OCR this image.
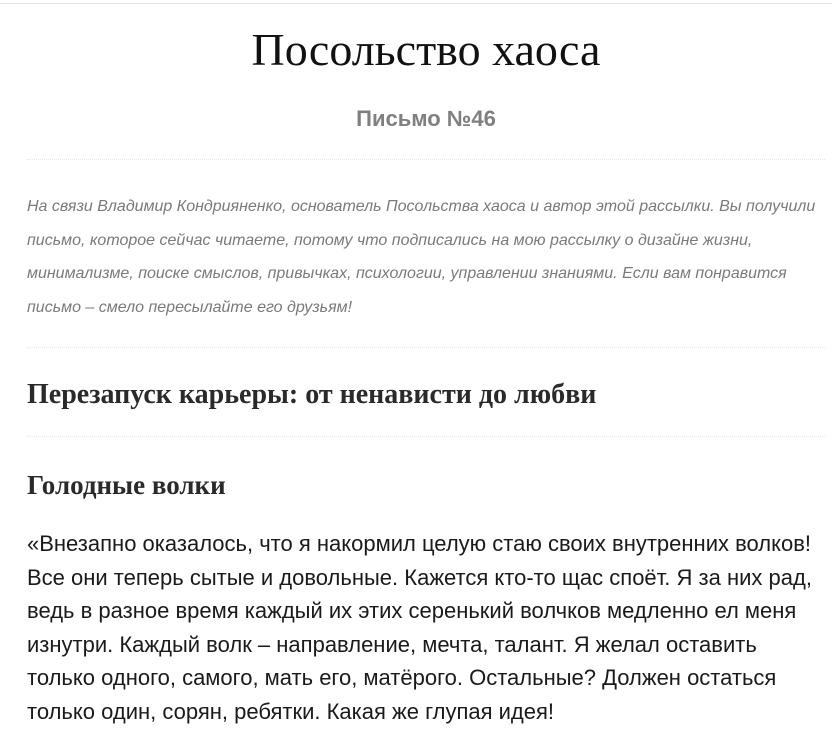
Посольство хаоса

Письмо №46

На связи Владимир Кондрияненко, основатель Посольства хаоса и автор этой рассылки. Вы получили письмо, которое сейчас читаете, потому что подписались на мою рассылку о дизайне жизни, минимализме, поиске смыслов, привычках, психологии, управлении знаниями. Если вам понравится письмо – смело пересылайте его друзьям!

Перезапуск карьеры: от ненависти до любви
Голодные волки

«Внезапно оказалось, что я накормил целую стаю своих внутренних волков! Все они теперь сытые и довольные. Кажется кто-то щас споёт. Я за них рад, ведь в разное время каждый их этих серенький волчков медленно ел меня изнутри. Каждый волк – направление, мечта, талант. Я желал оставить только одного, самого, мать его, матёрого. Остальные? Должен остаться только один, сорян, ребятки. Какая же глупая идея!
